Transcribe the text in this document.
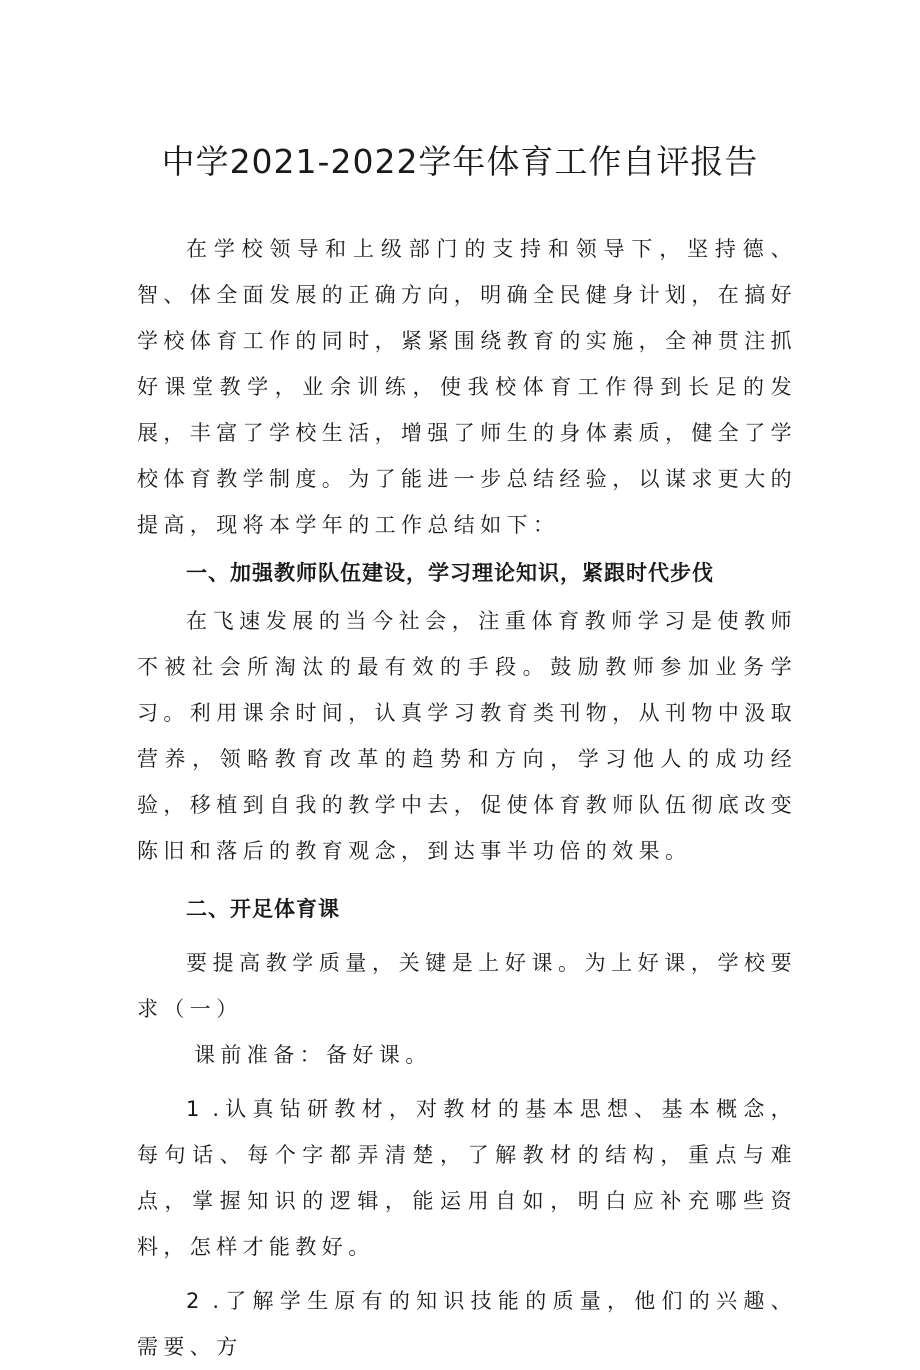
中学2021-2022学年体育工作自评报告

在学校领导和上级部门的支持和领导下，坚持德、智、体全面发展的正确方向，明确全民健身计划，在搞好学校体育工作的同时，紧紧围绕教育的实施，全神贯注抓好课堂教学，业余训练，使我校体育工作得到长足的发展，丰富了学校生活，增强了师生的身体素质，健全了学校体育教学制度。为了能进一步总结经验，以谋求更大的提高，现将本学年的工作总结如下：

一、加强教师队伍建设，学习理论知识，紧跟时代步伐

在飞速发展的当今社会，注重体育教师学习是使教师不被社会所淘汰的最有效的手段。鼓励教师参加业务学习。利用课余时间，认真学习教育类刊物，从刊物中汲取营养，领略教育改革的趋势和方向，学习他人的成功经验，移植到自我的教学中去，促使体育教师队伍彻底改变陈旧和落后的教育观念，到达事半功倍的效果。

二、开足体育课

要提高教学质量，关键是上好课。为上好课，学校要求（一）

课前准备：备好课。

1 .认真钻研教材，对教材的基本思想、基本概念，每句话、每个字都弄清楚，了解教材的结构，重点与难点，掌握知识的逻辑，能运用自如，明白应补充哪些资料，怎样才能教好。

2 .了解学生原有的知识技能的质量，他们的兴趣、需要、方
